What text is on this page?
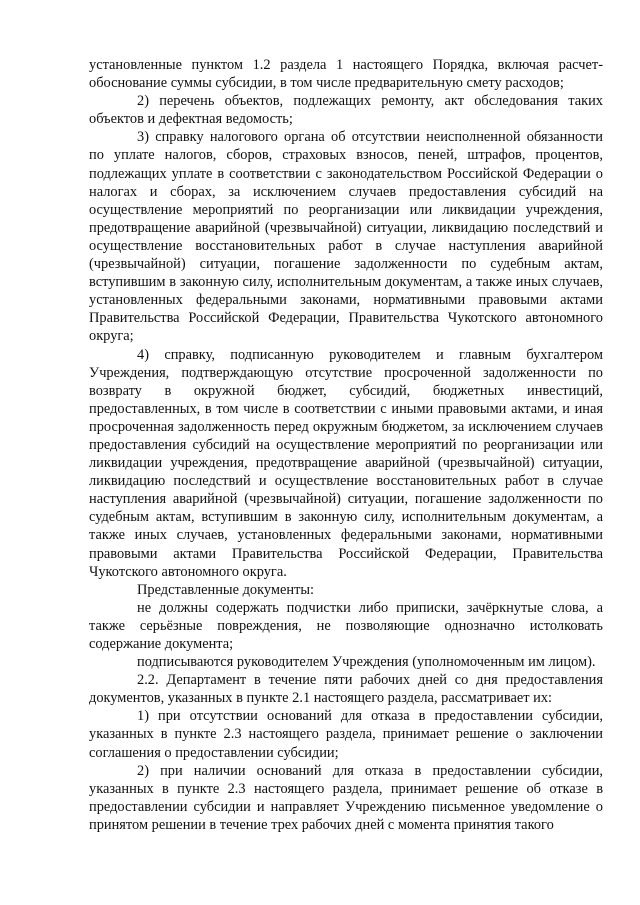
установленные пунктом 1.2 раздела 1 настоящего Порядка, включая расчет-обоснование суммы субсидии, в том числе предварительную смету расходов;

2) перечень объектов, подлежащих ремонту, акт обследования таких объектов и дефектная ведомость;

3) справку налогового органа об отсутствии неисполненной обязанности по уплате налогов, сборов, страховых взносов, пеней, штрафов, процентов, подлежащих уплате в соответствии с законодательством Российской Федерации о налогах и сборах, за исключением случаев предоставления субсидий на осуществление мероприятий по реорганизации или ликвидации учреждения, предотвращение аварийной (чрезвычайной) ситуации, ликвидацию последствий и осуществление восстановительных работ в случае наступления аварийной (чрезвычайной) ситуации, погашение задолженности по судебным актам, вступившим в законную силу, исполнительным документам, а также иных случаев, установленных федеральными законами, нормативными правовыми актами Правительства Российской Федерации, Правительства Чукотского автономного округа;

4) справку, подписанную руководителем и главным бухгалтером Учреждения, подтверждающую отсутствие просроченной задолженности по возврату в окружной бюджет, субсидий, бюджетных инвестиций, предоставленных, в том числе в соответствии с иными правовыми актами, и иная просроченная задолженность перед окружным бюджетом, за исключением случаев предоставления субсидий на осуществление мероприятий по реорганизации или ликвидации учреждения, предотвращение аварийной (чрезвычайной) ситуации, ликвидацию последствий и осуществление восстановительных работ в случае наступления аварийной (чрезвычайной) ситуации, погашение задолженности по судебным актам, вступившим в законную силу, исполнительным документам, а также иных случаев, установленных федеральными законами, нормативными правовыми актами Правительства Российской Федерации, Правительства Чукотского автономного округа.

Представленные документы:

не должны содержать подчистки либо приписки, зачёркнутые слова, а также серьёзные повреждения, не позволяющие однозначно истолковать содержание документа;

подписываются руководителем Учреждения (уполномоченным им лицом).

2.2. Департамент в течение пяти рабочих дней со дня предоставления документов, указанных в пункте 2.1 настоящего раздела, рассматривает их:

1) при отсутствии оснований для отказа в предоставлении субсидии, указанных в пункте 2.3 настоящего раздела, принимает решение о заключении соглашения о предоставлении субсидии;

2) при наличии оснований для отказа в предоставлении субсидии, указанных в пункте 2.3 настоящего раздела, принимает решение об отказе в предоставлении субсидии и направляет Учреждению письменное уведомление о принятом решении в течение трех рабочих дней с момента принятия такого
